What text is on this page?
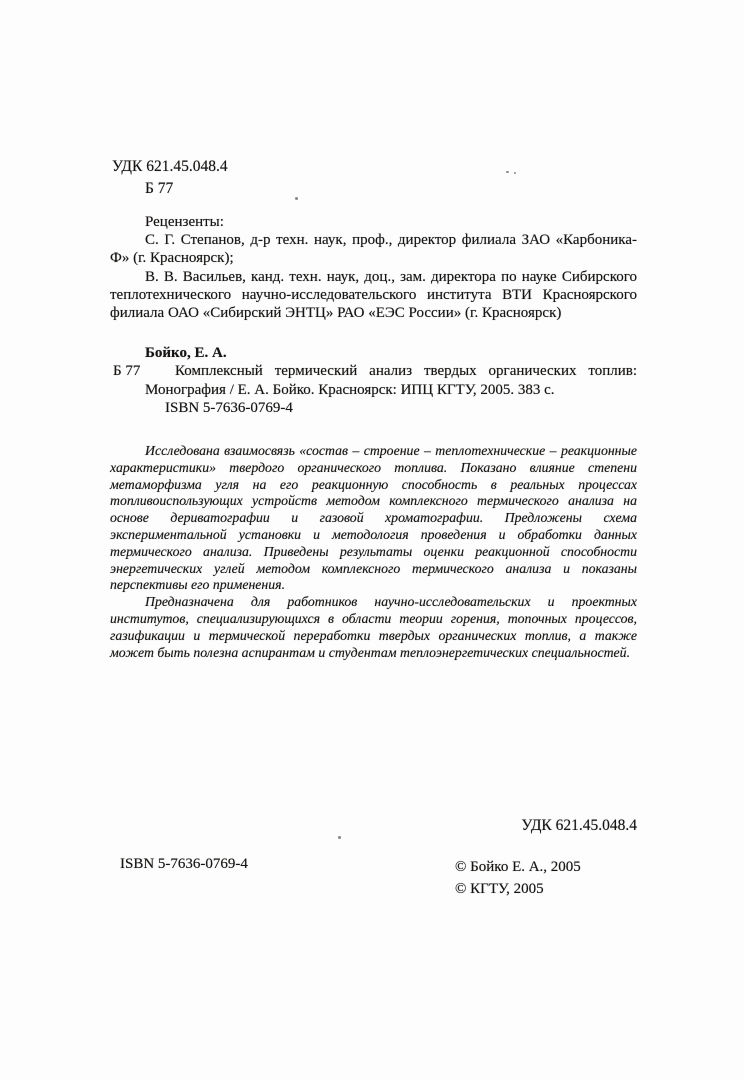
УДК 621.45.048.4

Б 77

Рецензенты:

С. Г. Степанов, д-р техн. наук, проф., директор филиала ЗАО «Карбоника-Ф» (г. Красноярск);

В. В. Васильев, канд. техн. наук, доц., зам. директора по науке Сибирского теплотехнического научно-исследовательского института ВТИ Красноярского филиала ОАО «Сибирский ЭНТЦ» РАО «ЕЭС России» (г. Красноярск)

Бойко, Е. А.

Б 77	Комплексный термический анализ твердых органических топлив: Монография / Е. А. Бойко. Красноярск: ИПЦ КГТУ, 2005. 383 с.

ISBN 5-7636-0769-4

Исследована взаимосвязь «состав – строение – теплотехнические – реакционные характеристики» твердого органического топлива. Показано влияние степени метаморфизма угля на его реакционную способность в реальных процессах топливоиспользующих устройств методом комплексного термического анализа на основе дериватографии и газовой хроматографии. Предложены схема экспериментальной установки и методология проведения и обработки данных термического анализа. Приведены результаты оценки реакционной способности энергетических углей методом комплексного термического анализа и показаны перспективы его применения.

Предназначена для работников научно-исследовательских и проектных институтов, специализирующихся в области теории горения, топочных процессов, газификации и термической переработки твердых органических топлив, а также может быть полезна аспирантам и студентам теплоэнергетических специальностей.

УДК 621.45.048.4

ISBN 5-7636-0769-4	© Бойко Е. А., 2005

© КГТУ, 2005
